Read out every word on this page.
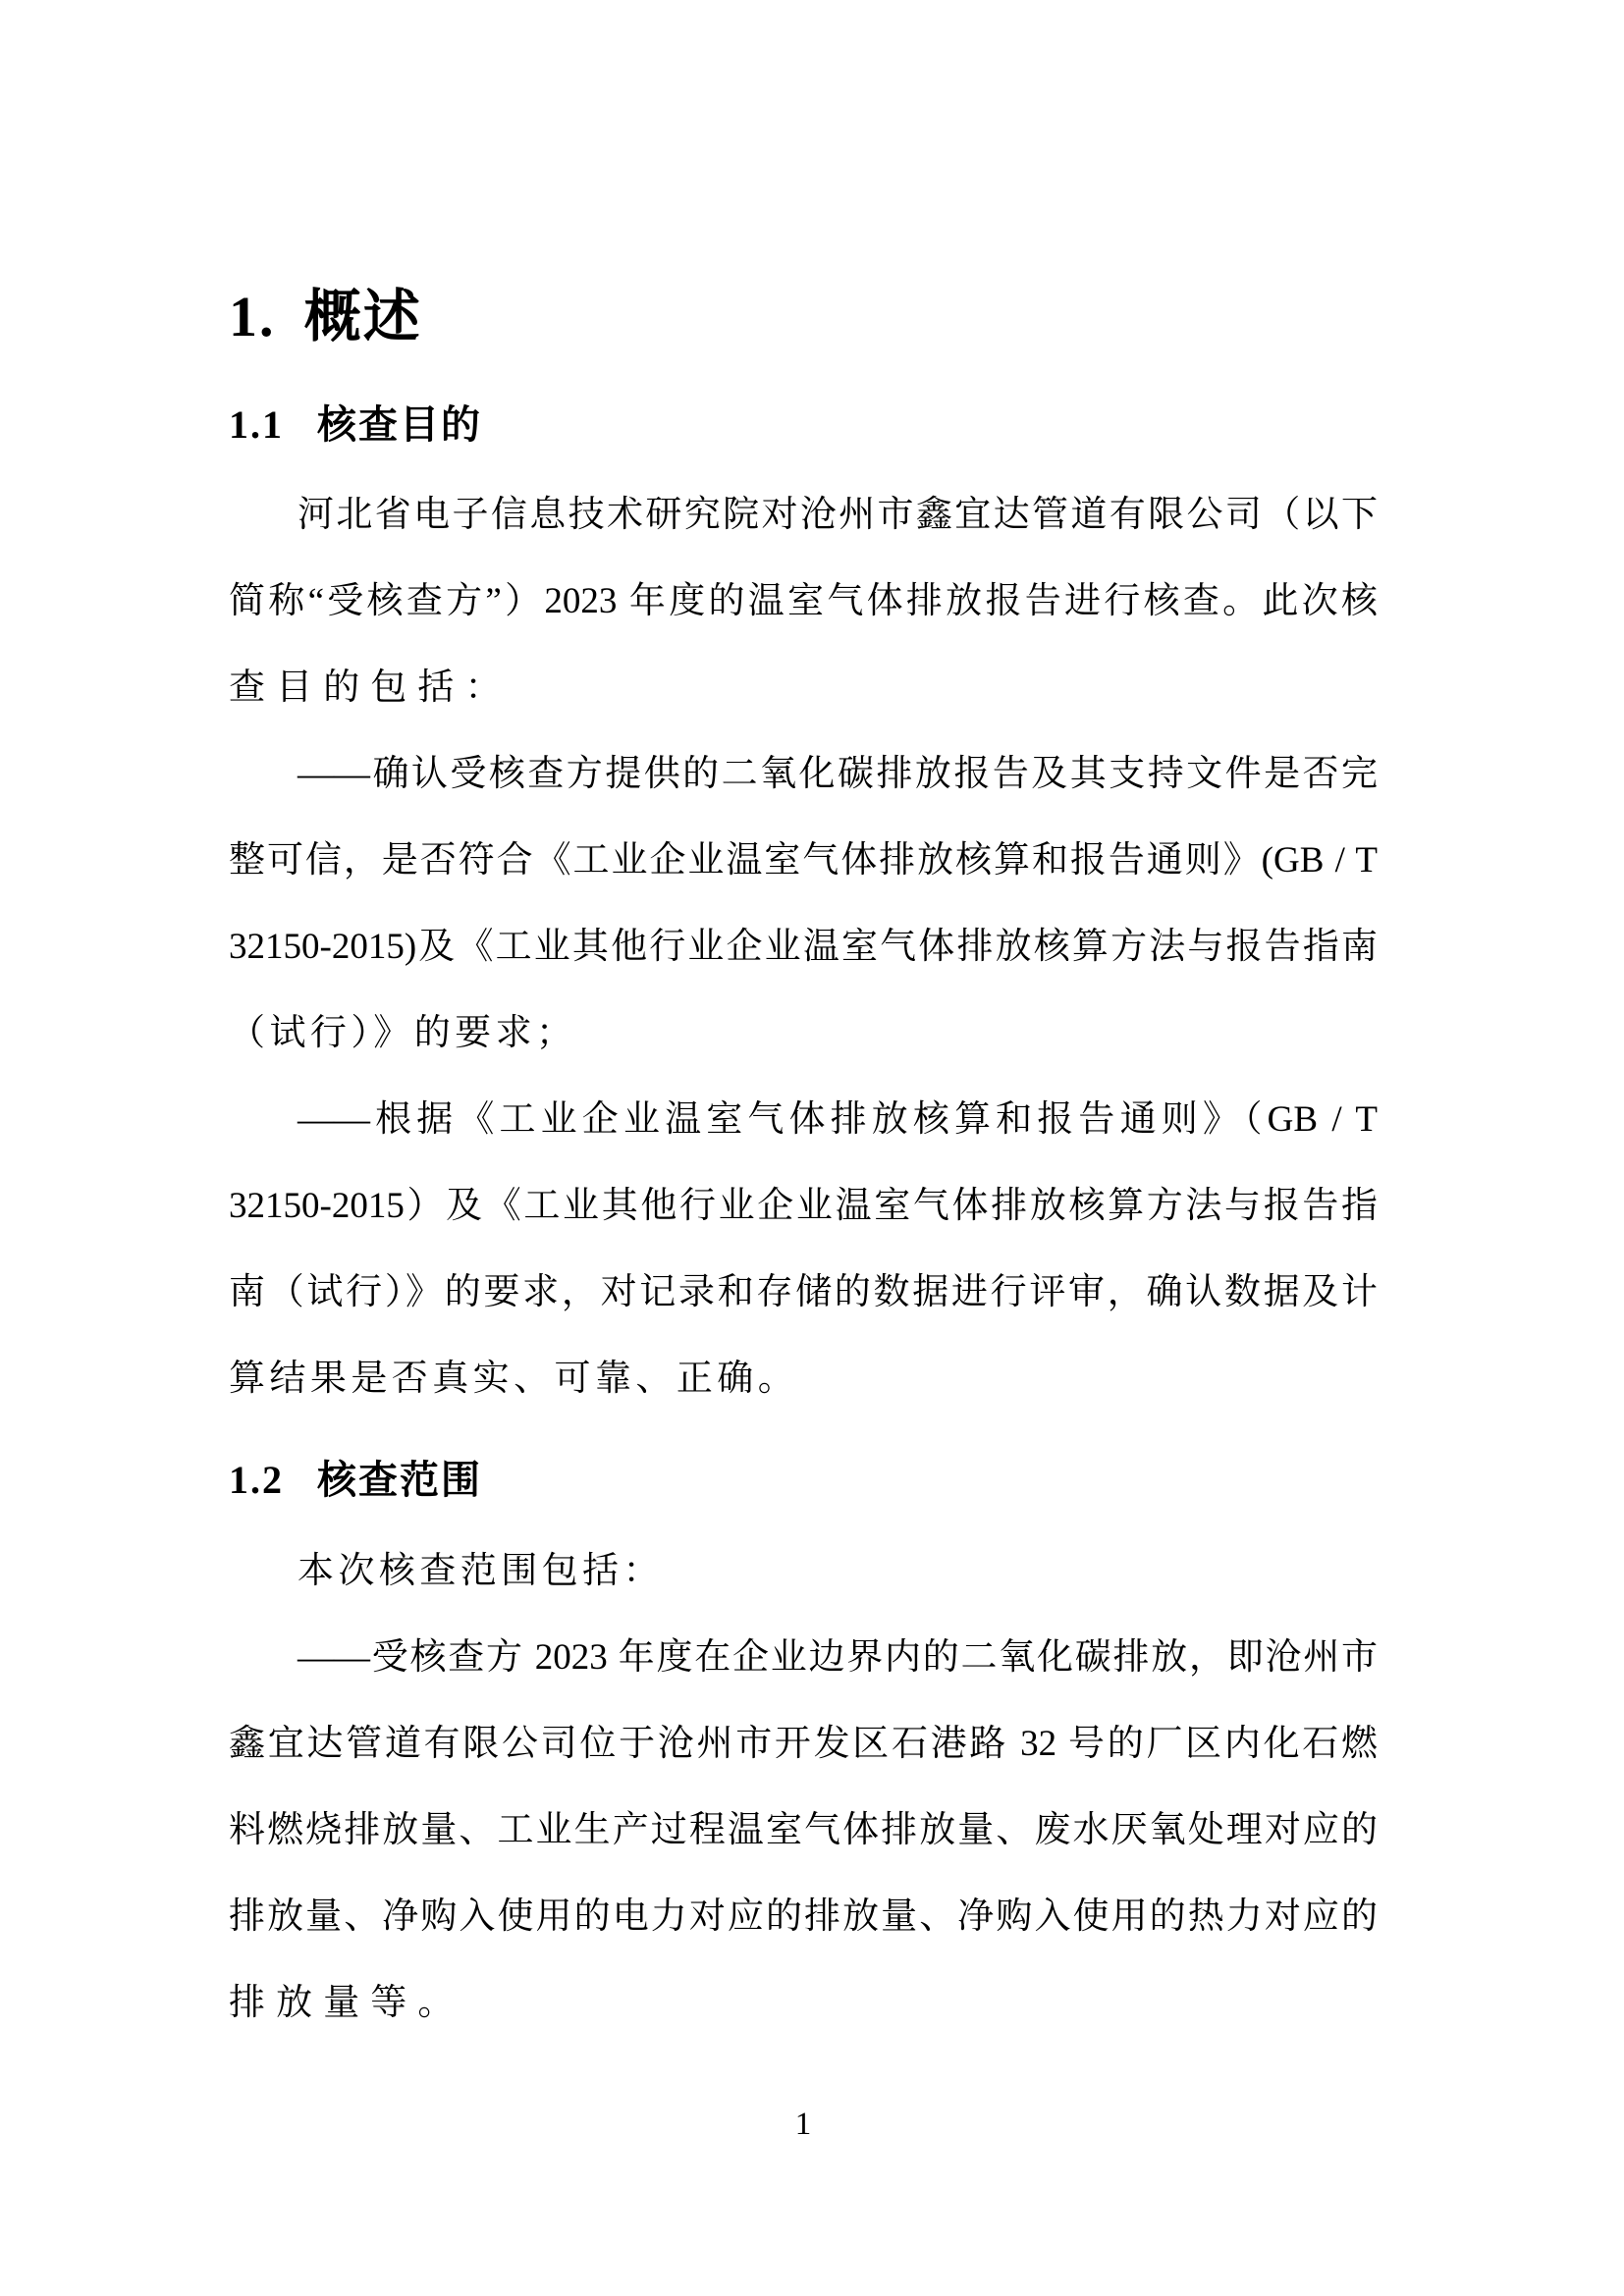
1. 概述
1.1 核查目的
河北省电子信息技术研究院对沧州市鑫宜达管道有限公司（以下
简称“受核查方”）2023 年度的温室气体排放报告进行核查。此次核
查目的包括：
——确认受核查方提供的二氧化碳排放报告及其支持文件是否完
整可信，是否符合《工业企业温室气体排放核算和报告通则》(GB / T
32150-2015)及《工业其他行业企业温室气体排放核算方法与报告指南
（试行）》的要求；
——根据《工业企业温室气体排放核算和报告通则》（GB / T
32150-2015）及《工业其他行业企业温室气体排放核算方法与报告指
南（试行）》的要求，对记录和存储的数据进行评审，确认数据及计
算结果是否真实、可靠、正确。
1.2 核查范围
本次核查范围包括：
——受核查方 2023 年度在企业边界内的二氧化碳排放，即沧州市
鑫宜达管道有限公司位于沧州市开发区石港路 32 号的厂区内化石燃
料燃烧排放量、工业生产过程温室气体排放量、废水厌氧处理对应的
排放量、净购入使用的电力对应的排放量、净购入使用的热力对应的
排放量等。
1
